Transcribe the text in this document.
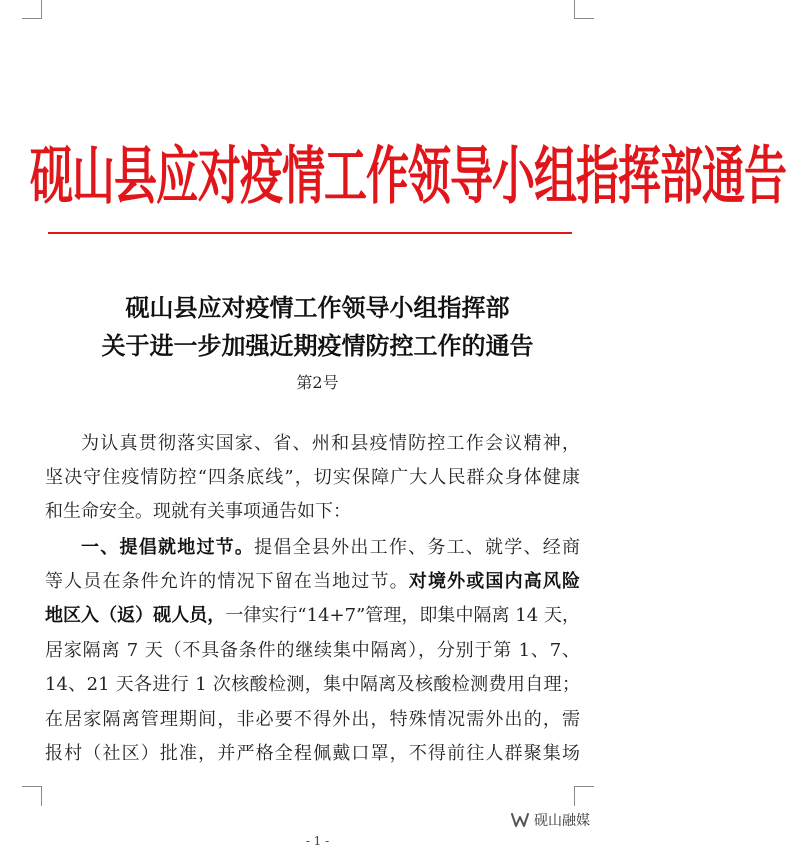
砚山县应对疫情工作领导小组指挥部通告
砚山县应对疫情工作领导小组指挥部
关于进一步加强近期疫情防控工作的通告
第2号
为认真贯彻落实国家、省、州和县疫情防控工作会议精神，
坚决守住疫情防控“四条底线”，切实保障广大人民群众身体健康
和生命安全。现就有关事项通告如下：
一、提倡就地过节。提倡全县外出工作、务工、就学、经商
等人员在条件允许的情况下留在当地过节。对境外或国内高风险
地区入（返）砚人员，一律实行“14+7”管理，即集中隔离 14 天，
居家隔离 7 天（不具备条件的继续集中隔离），分别于第 1、7、
14、21 天各进行 1 次核酸检测，集中隔离及核酸检测费用自理；
在居家隔离管理期间，非必要不得外出，特殊情况需外出的，需
报村（社区）批准，并严格全程佩戴口罩，不得前往人群聚集场
砚山融媒
- 1 -
